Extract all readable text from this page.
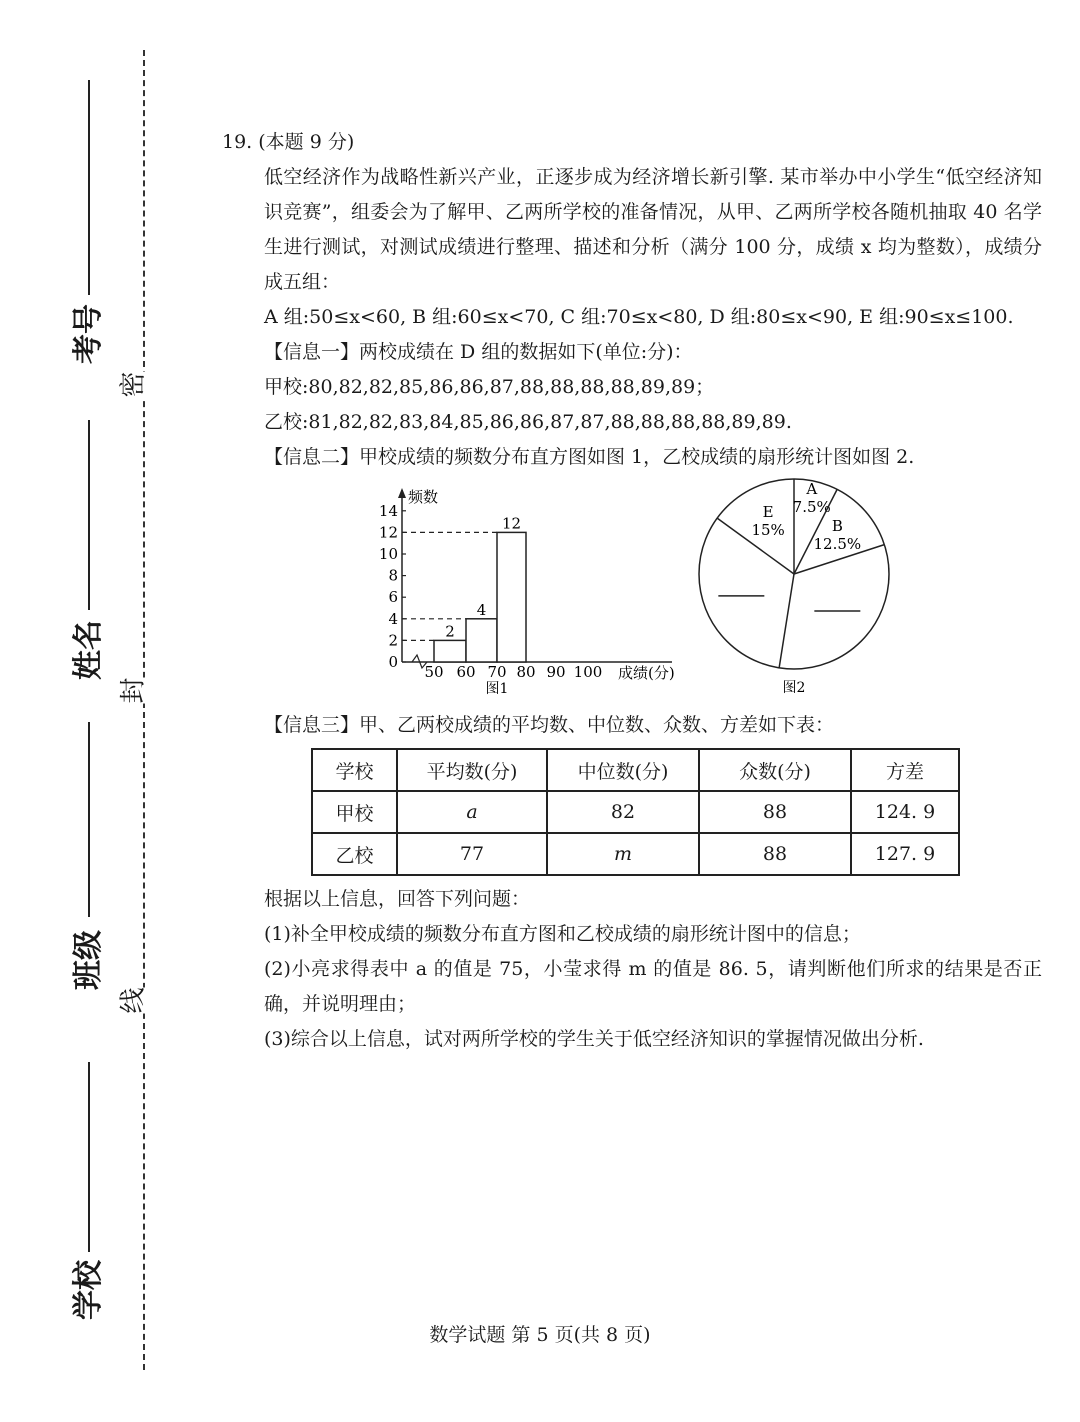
考号
姓名
班级
学校
密
封
线

19. (本题 9 分)

低空经济作为战略性新兴产业，正逐步成为经济增长新引擎. 某市举办中小学生“低空经济知识竞赛”，组委会为了解甲、乙两所学校的准备情况，从甲、乙两所学校各随机抽取 40 名学生进行测试，对测试成绩进行整理、描述和分析（满分 100 分，成绩 x 均为整数），成绩分成五组：

A 组:50≤x<60, B 组:60≤x<70, C 组:70≤x<80, D 组:80≤x<90, E 组:90≤x≤100.

【信息一】两校成绩在 D 组的数据如下(单位:分)：

甲校:80,82,82,85,86,86,87,88,88,88,88,89,89；

乙校:81,82,82,83,84,85,86,86,87,87,88,88,88,88,89,89.

【信息二】甲校成绩的频数分布直方图如图 1，乙校成绩的扇形统计图如图 2.

频数
0
2
4
6
8
10
12
14
50 60 70 80 90 100 成绩(分)
2
4
12
图1
A
7.5%
B
12.5%
E
15%
图2

【信息三】甲、乙两校成绩的平均数、中位数、众数、方差如下表：

学校	平均数(分)	中位数(分)	众数(分)	方差
甲校	a	82	88	124. 9
乙校	77	m	88	127. 9

根据以上信息，回答下列问题：

(1)补全甲校成绩的频数分布直方图和乙校成绩的扇形统计图中的信息；

(2)小亮求得表中 a 的值是 75，小莹求得 m 的值是 86. 5，请判断他们所求的结果是否正确，并说明理由；

(3)综合以上信息，试对两所学校的学生关于低空经济知识的掌握情况做出分析.

数学试题 第 5 页(共 8 页)
